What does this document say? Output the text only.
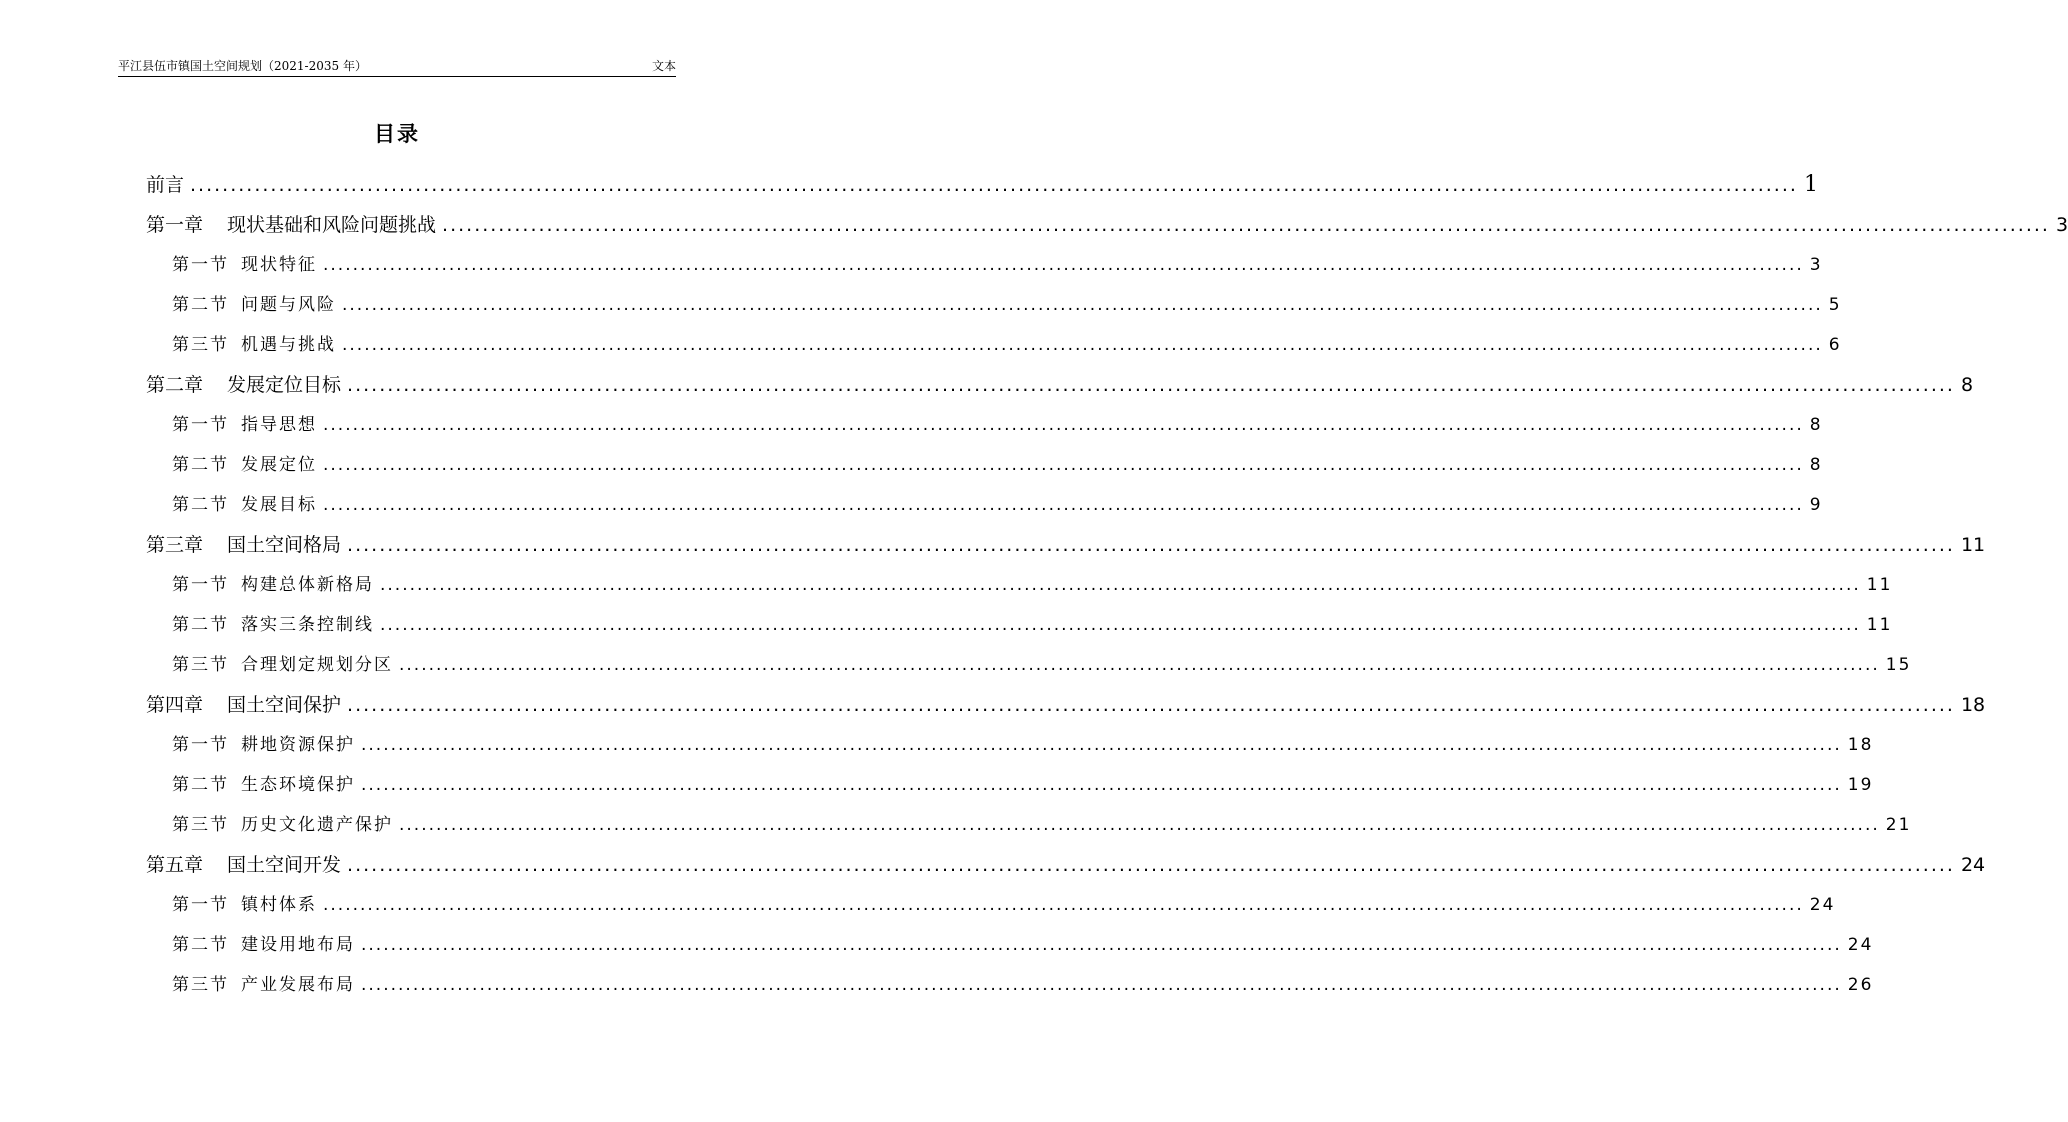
平江县伍市镇国土空间规划（2021-2035 年）	文本
目录
前言 ........................................................................................................................................................................................................ 1
第一章 现状基础和风险问题挑战 ........................................................................................................................................................................................................ 3
第一节 现状特征 ........................................................................................................................................................................................................ 3
第二节 问题与风险 ........................................................................................................................................................................................................ 5
第三节 机遇与挑战 ........................................................................................................................................................................................................ 6
第二章 发展定位目标 ........................................................................................................................................................................................................ 8
第一节 指导思想 ........................................................................................................................................................................................................ 8
第二节 发展定位 ........................................................................................................................................................................................................ 8
第二节 发展目标 ........................................................................................................................................................................................................ 9
第三章 国土空间格局 ........................................................................................................................................................................................................ 11
第一节 构建总体新格局 ........................................................................................................................................................................................................ 11
第二节 落实三条控制线 ........................................................................................................................................................................................................ 11
第三节 合理划定规划分区 ........................................................................................................................................................................................................ 15
第四章 国土空间保护 ........................................................................................................................................................................................................ 18
第一节 耕地资源保护 ........................................................................................................................................................................................................ 18
第二节 生态环境保护 ........................................................................................................................................................................................................ 19
第三节 历史文化遗产保护 ........................................................................................................................................................................................................ 21
第五章 国土空间开发 ........................................................................................................................................................................................................ 24
第一节 镇村体系 ........................................................................................................................................................................................................ 24
第二节 建设用地布局 ........................................................................................................................................................................................................ 24
第三节 产业发展布局 ........................................................................................................................................................................................................ 26
